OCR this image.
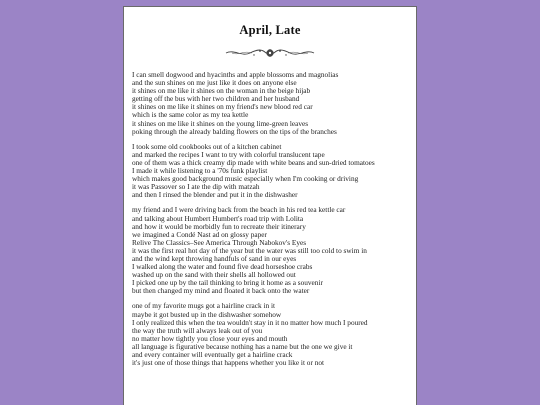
April, Late
I can smell dogwood and hyacinths and apple blossoms and magnolias
and the sun shines on me just like it does on anyone else
it shines on me like it shines on the woman in the beige hijab
getting off the bus with her two children and her husband
it shines on me like it shines on my friend's new blood red car
which is the same color as my tea kettle
it shines on me like it shines on the young lime-green leaves
poking through the already balding flowers on the tips of the branches
I took some old cookbooks out of a kitchen cabinet
and marked the recipes I want to try with colorful translucent tape
one of them was a thick creamy dip made with white beans and sun-dried tomatoes
I made it while listening to a '70s funk playlist
which makes good background music especially when I'm cooking or driving
it was Passover so I ate the dip with matzah
and then I rinsed the blender and put it in the dishwasher
my friend and I were driving back from the beach in his red tea kettle car
and talking about Humbert Humbert's road trip with Lolita
and how it would be morbidly fun to recreate their itinerary
we imagined a Condé Nast ad on glossy paper
Relive The Classics–See America Through Nabokov's Eyes
it was the first real hot day of the year but the water was still too cold to swim in
and the wind kept throwing handfuls of sand in our eyes
I walked along the water and found five dead horseshoe crabs
washed up on the sand with their shells all hollowed out
I picked one up by the tail thinking to bring it home as a souvenir
but then changed my mind and floated it back onto the water
one of my favorite mugs got a hairline crack in it
maybe it got busted up in the dishwasher somehow
I only realized this when the tea wouldn't stay in it no matter how much I poured
the way the truth will always leak out of you
no matter how tightly you close your eyes and mouth
all language is figurative because nothing has a name but the one we give it
and every container will eventually get a hairline crack
it's just one of those things that happens whether you like it or not
